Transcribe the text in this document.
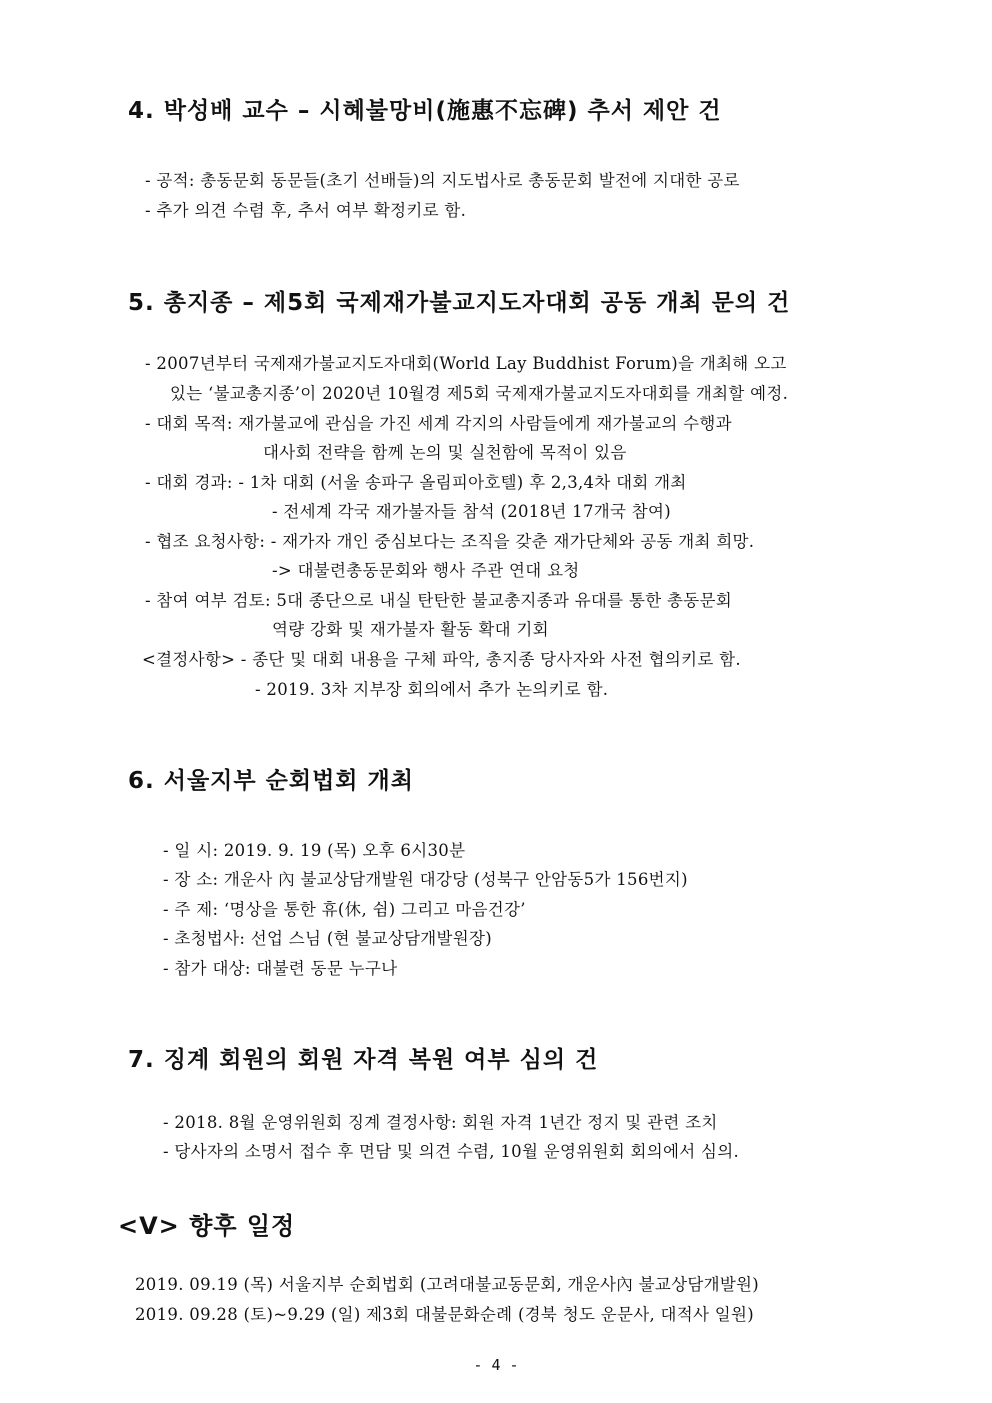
4. 박성배 교수 – 시혜불망비(施惠不忘碑) 추서 제안 건
- 공적: 총동문회 동문들(초기 선배들)의 지도법사로 총동문회 발전에 지대한 공로
- 추가 의견 수렴 후, 추서 여부 확정키로 함.
5. 총지종 – 제5회 국제재가불교지도자대회 공동 개최 문의 건
- 2007년부터 국제재가불교지도자대회(World Lay Buddhist Forum)을 개최해 오고
있는 ‘불교총지종’이 2020년 10월경 제5회 국제재가불교지도자대회를 개최할 예정.
- 대회 목적: 재가불교에 관심을 가진 세계 각지의 사람들에게 재가불교의 수행과
대사회 전략을 함께 논의 및 실천함에 목적이 있음
- 대회 경과: - 1차 대회 (서울 송파구 올림피아호텔) 후 2,3,4차 대회 개최
- 전세계 각국 재가불자들 참석 (2018년 17개국 참여)
- 협조 요청사항: - 재가자 개인 중심보다는 조직을 갖춘 재가단체와 공동 개최 희망.
-> 대불련총동문회와 행사 주관 연대 요청
- 참여 여부 검토: 5대 종단으로 내실 탄탄한 불교총지종과 유대를 통한 총동문회
역량 강화 및 재가불자 활동 확대 기회
<결정사항> - 종단 및 대회 내용을 구체 파악, 총지종 당사자와 사전 협의키로 함.
- 2019. 3차 지부장 회의에서 추가 논의키로 함.
6. 서울지부 순회법회 개최
- 일 시: 2019. 9. 19 (목) 오후 6시30분
- 장 소: 개운사 內 불교상담개발원 대강당 (성북구 안암동5가 156번지)
- 주 제: ‘명상을 통한 휴(休, 쉼) 그리고 마음건강’
- 초청법사: 선업 스님 (현 불교상담개발원장)
- 참가 대상: 대불련 동문 누구나
7. 징계 회원의 회원 자격 복원 여부 심의 건
- 2018. 8월 운영위원회 징계 결정사항: 회원 자격 1년간 정지 및 관련 조치
- 당사자의 소명서 접수 후 면담 및 의견 수렴, 10월 운영위원회 회의에서 심의.
<V> 향후 일정
2019. 09.19 (목) 서울지부 순회법회 (고려대불교동문회, 개운사內 불교상담개발원)
2019. 09.28 (토)~9.29 (일) 제3회 대불문화순례 (경북 청도 운문사, 대적사 일원)
- 4 -
